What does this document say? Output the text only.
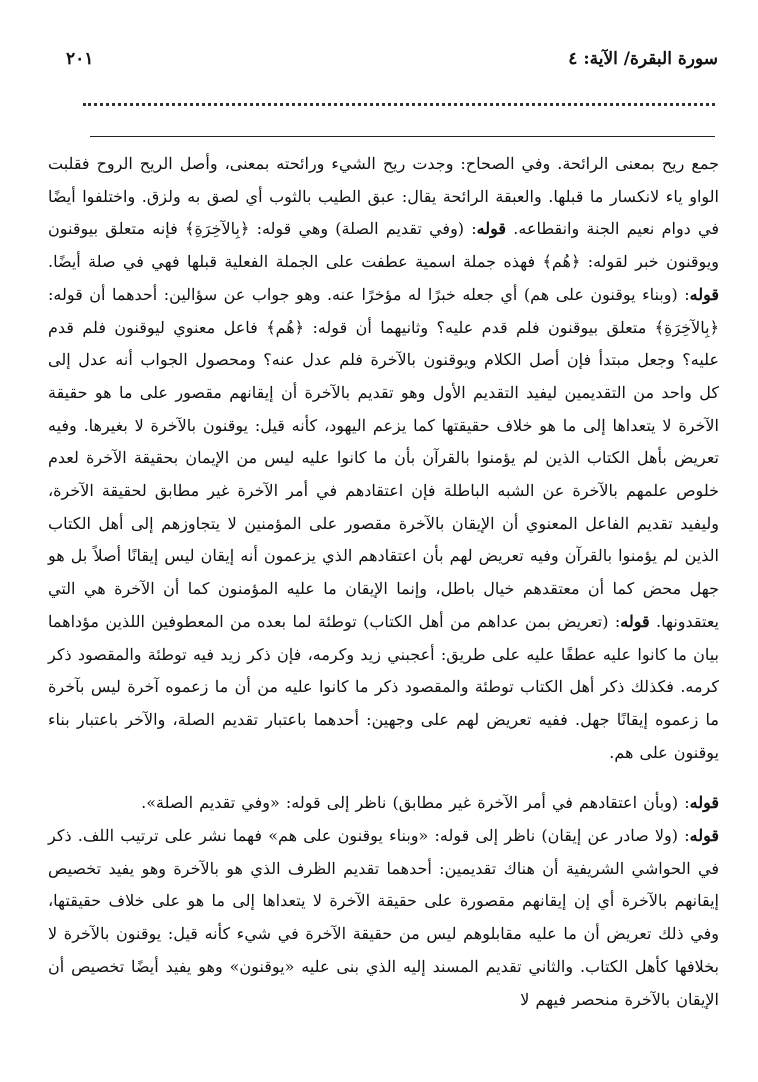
سورة البقرة/ الآية: ٤
٢٠١

جمع ريح بمعنى الرائحة. وفي الصحاح: وجدت ريح الشيء ورائحته بمعنى، وأصل الريح الروح فقلبت الواو ياء لانكسار ما قبلها. والعبقة الرائحة يقال: عبق الطيب بالثوب أي لصق به ولزق. واختلفوا أيضًا في دوام نعيم الجنة وانقطاعه. قوله: (وفي تقديم الصلة) وهي قوله: ﴿بِالآخِرَةِ﴾ فإنه متعلق بيوقنون ويوقنون خبر لقوله: ﴿هُم﴾ فهذه جملة اسمية عطفت على الجملة الفعلية قبلها فهي في صلة أيضًا. قوله: (وبناء يوقنون على هم) أي جعله خبرًا له مؤخرًا عنه. وهو جواب عن سؤالين: أحدهما أن قوله: ﴿بِالآخِرَةِ﴾ متعلق بيوقنون فلم قدم عليه؟ وثانيهما أن قوله: ﴿هُم﴾ فاعل معنوي ليوقنون فلم قدم عليه؟ وجعل مبتدأ فإن أصل الكلام ويوقنون بالآخرة فلم عدل عنه؟ ومحصول الجواب أنه عدل إلى كل واحد من التقديمين ليفيد التقديم الأول وهو تقديم بالآخرة أن إيقانهم مقصور على ما هو حقيقة الآخرة لا يتعداها إلى ما هو خلاف حقيقتها كما يزعم اليهود، كأنه قيل: يوقنون بالآخرة لا بغيرها. وفيه تعريض بأهل الكتاب الذين لم يؤمنوا بالقرآن بأن ما كانوا عليه ليس من الإيمان بحقيقة الآخرة لعدم خلوص علمهم بالآخرة عن الشبه الباطلة فإن اعتقادهم في أمر الآخرة غير مطابق لحقيقة الآخرة، وليفيد تقديم الفاعل المعنوي أن الإيقان بالآخرة مقصور على المؤمنين لا يتجاوزهم إلى أهل الكتاب الذين لم يؤمنوا بالقرآن وفيه تعريض لهم بأن اعتقادهم الذي يزعمون أنه إيقان ليس إيقانًا أصلاً بل هو جهل محض كما أن معتقدهم خيال باطل، وإنما الإيقان ما عليه المؤمنون كما أن الآخرة هي التي يعتقدونها. قوله: (تعريض بمن عداهم من أهل الكتاب) توطئة لما بعده من المعطوفين اللذين مؤداهما بيان ما كانوا عليه عطفًا عليه على طريق: أعجبني زيد وكرمه، فإن ذكر زيد فيه توطئة والمقصود ذكر كرمه. فكذلك ذكر أهل الكتاب توطئة والمقصود ذكر ما كانوا عليه من أن ما زعموه آخرة ليس بآخرة ما زعموه إيقانًا جهل. ففيه تعريض لهم على وجهين: أحدهما باعتبار تقديم الصلة، والآخر باعتبار بناء يوقنون على هم.

قوله: (وبأن اعتقادهم في أمر الآخرة غير مطابق) ناظر إلى قوله: «وفي تقديم الصلة».

قوله: (ولا صادر عن إيقان) ناظر إلى قوله: «وبناء يوقنون على هم» فهما نشر على ترتيب اللف. ذكر في الحواشي الشريفية أن هناك تقديمين: أحدهما تقديم الظرف الذي هو بالآخرة وهو يفيد تخصيص إيقانهم بالآخرة أي إن إيقانهم مقصورة على حقيقة الآخرة لا يتعداها إلى ما هو على خلاف حقيقتها، وفي ذلك تعريض أن ما عليه مقابلوهم ليس من حقيقة الآخرة في شيء كأنه قيل: يوقنون بالآخرة لا بخلافها كأهل الكتاب. والثاني تقديم المسند إليه الذي بنى عليه «يوقنون» وهو يفيد أيضًا تخصيص أن الإيقان بالآخرة منحصر فيهم لا
